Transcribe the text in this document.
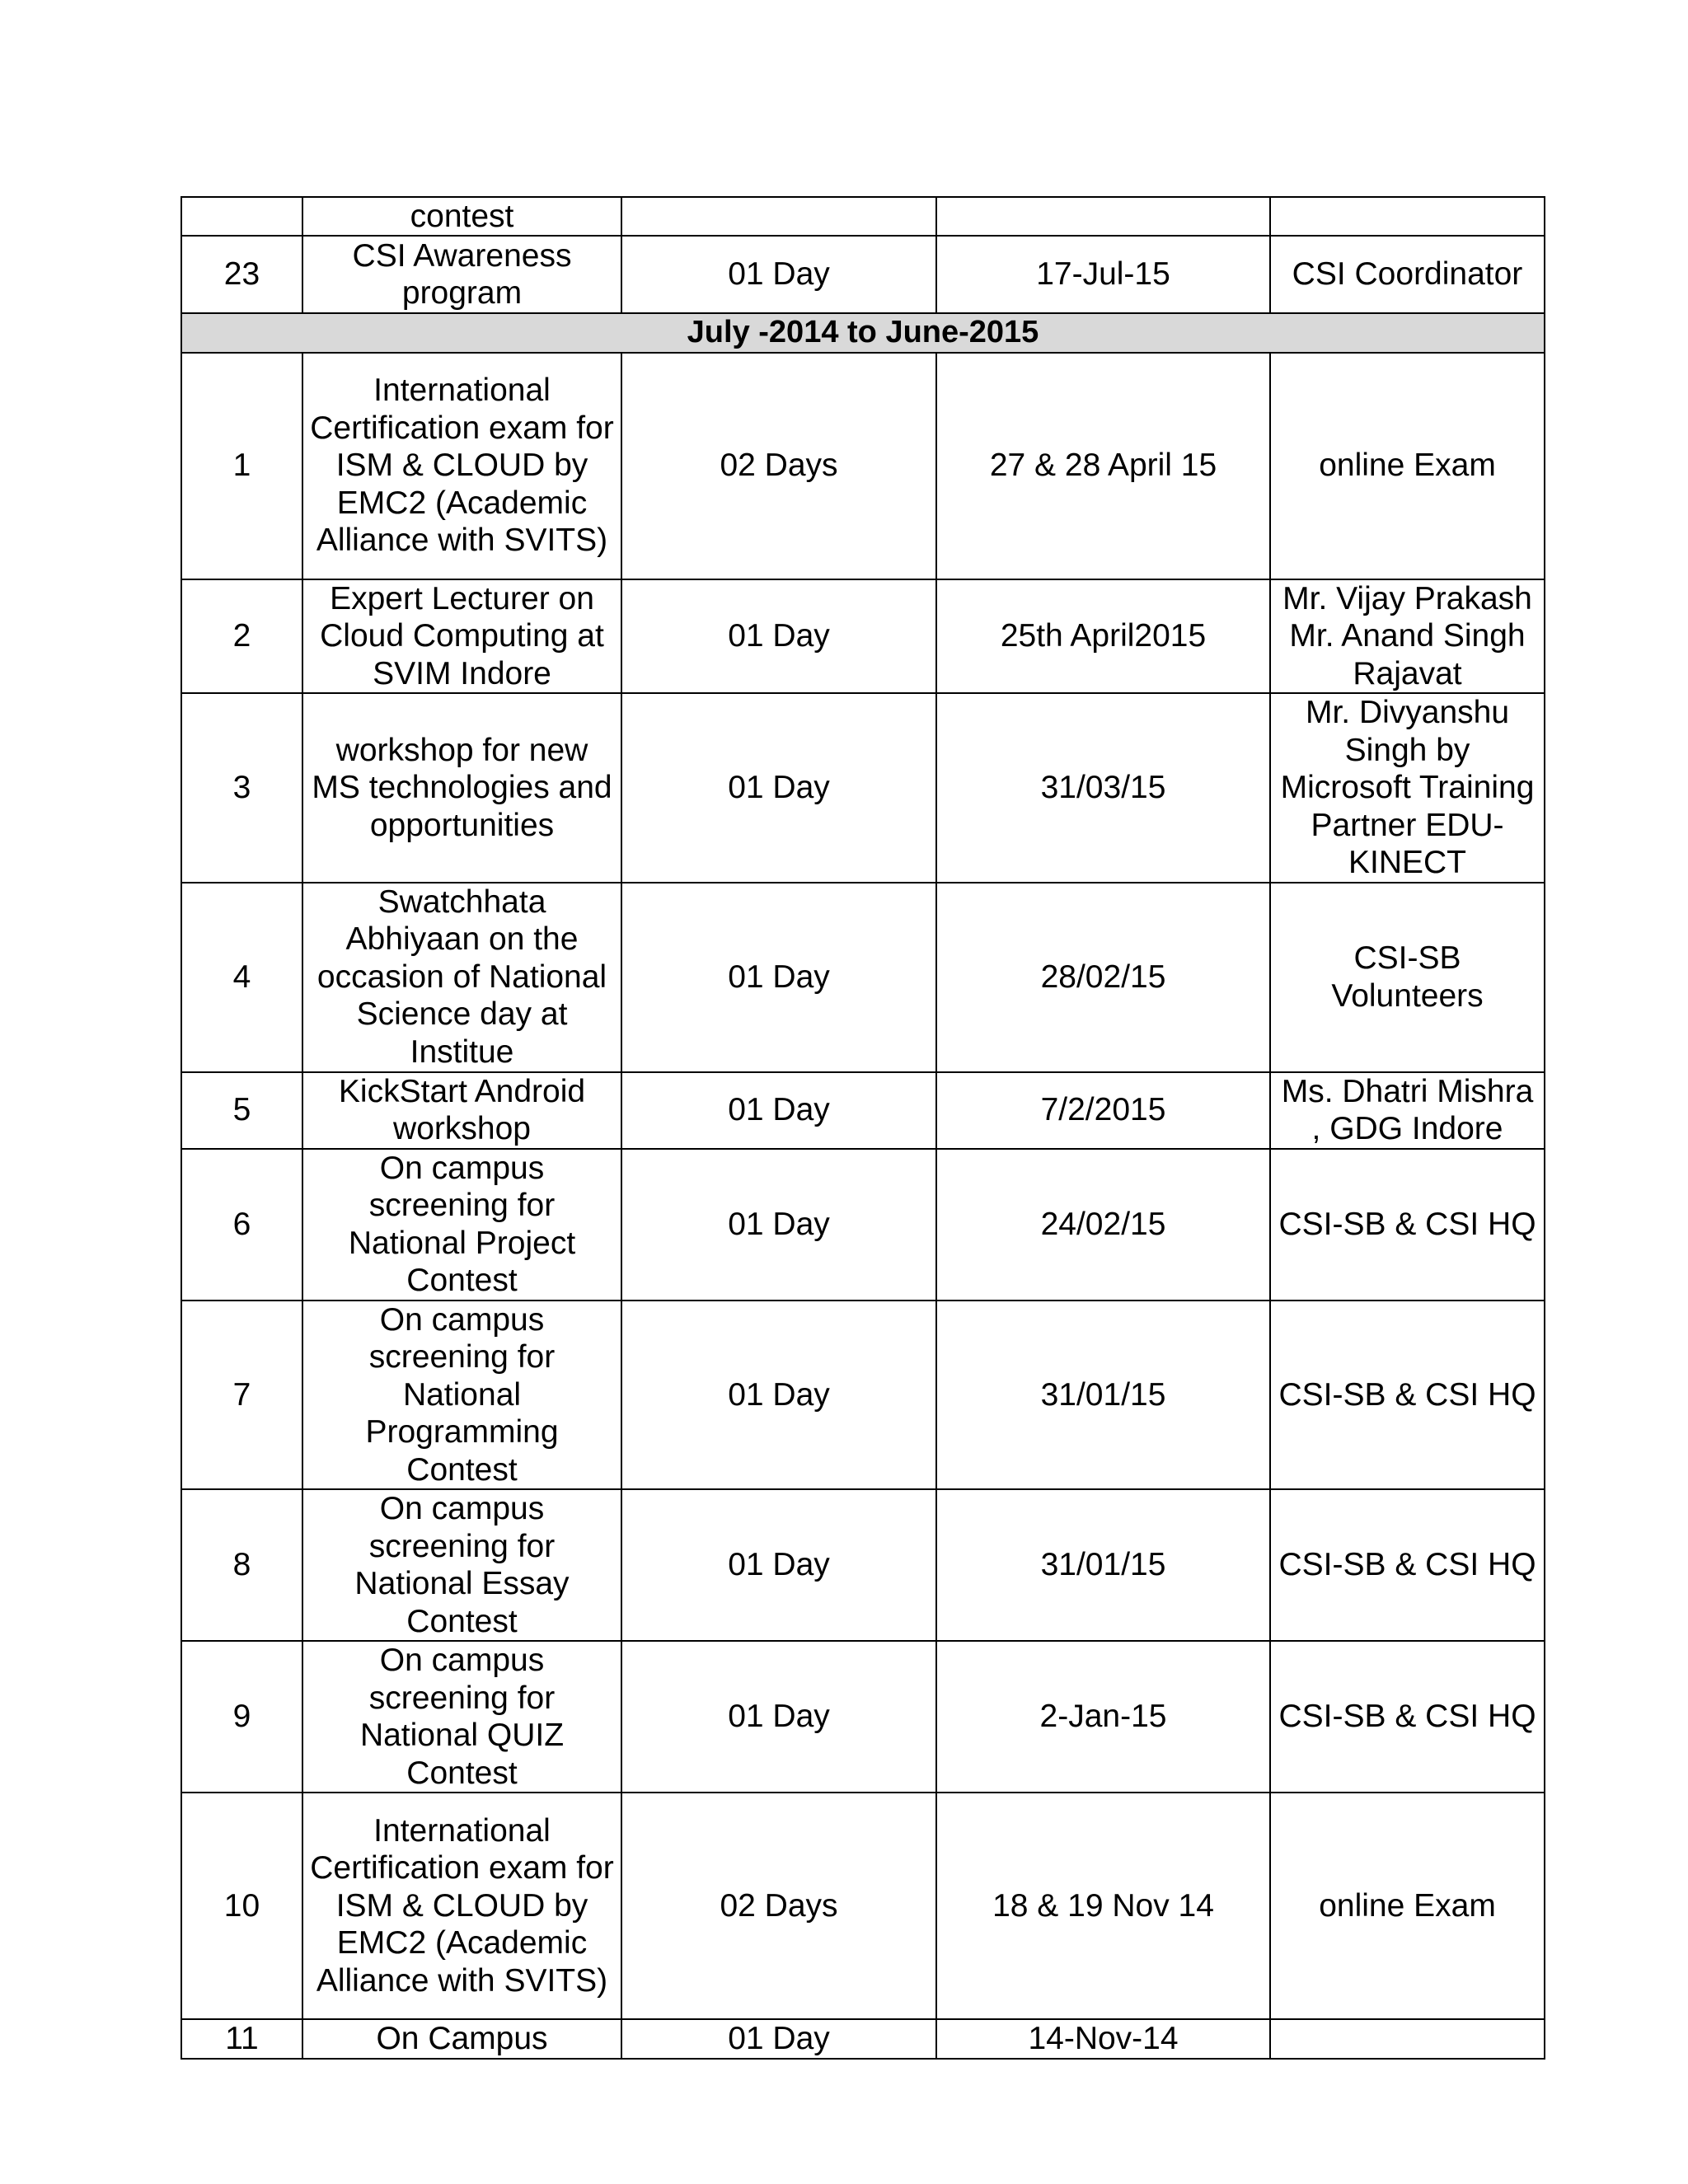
	contest			
23	CSI Awareness program	01 Day	17-Jul-15	CSI Coordinator
July -2014 to June-2015				
1	International Certification exam for ISM & CLOUD by EMC2 (Academic Alliance with SVITS)	02 Days	27 & 28 April 15	online Exam
2	Expert Lecturer on Cloud Computing at SVIM Indore	01 Day	25th April2015	Mr. Vijay Prakash Mr. Anand Singh Rajavat
3	workshop for new MS technologies and opportunities	01 Day	31/03/15	Mr. Divyanshu Singh by Microsoft Training Partner EDU-KINECT
4	Swatchhata Abhiyaan on the occasion of National Science day at Institue	01 Day	28/02/15	CSI-SB Volunteers
5	KickStart Android workshop	01 Day	7/2/2015	Ms. Dhatri Mishra , GDG Indore
6	On campus screening for National Project Contest	01 Day	24/02/15	CSI-SB & CSI HQ
7	On campus screening for National Programming Contest	01 Day	31/01/15	CSI-SB & CSI HQ
8	On campus screening for National Essay Contest	01 Day	31/01/15	CSI-SB & CSI HQ
9	On campus screening for National QUIZ Contest	01 Day	2-Jan-15	CSI-SB & CSI HQ
10	International Certification exam for ISM & CLOUD by EMC2 (Academic Alliance with SVITS)	02 Days	18 & 19 Nov 14	online Exam
11	On Campus	01 Day	14-Nov-14	
